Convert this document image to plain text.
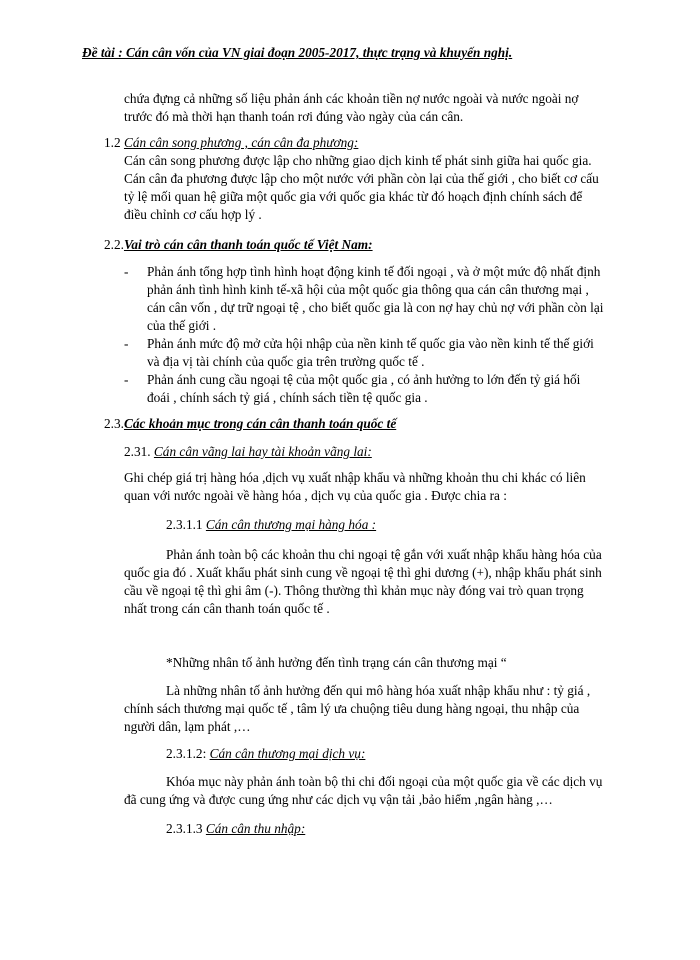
Đề tài : Cán cân vốn của VN giai đoạn 2005-2017, thực trạng và khuyến nghị.

chứa đựng cả những số liệu phản ánh các khoản tiền nợ nước ngoài và nước ngoài nợ

trước đó mà thời hạn thanh toán rơi đúng vào ngày của cán cân.

1.2 Cán cân song phương , cán cân đa phương:

Cán cân song phương được lập cho những giao dịch kinh tế phát sinh giữa hai quốc gia.

Cán cân đa phương được lập cho một nước với phần còn lại của thế giới , cho biết cơ cấu

tỷ lệ mối quan hệ giữa một quốc gia với quốc gia khác từ đó hoạch định chính sách để

điều chỉnh cơ cấu hợp lý .

2.2.Vai trò cán cân thanh toán quốc tế Việt Nam:
- Phản ánh tổng hợp tình hình hoạt động kinh tế đối ngoại , và ở một mức độ nhất định

phản ánh tình hình kinh tế-xã hội của một quốc gia thông qua cán cân thương mại ,

cán cân vốn , dự trữ ngoại tệ , cho biết quốc gia là con nợ hay chủ nợ với phần còn lại

của thế giới .

- Phản ánh mức độ mở cửa hội nhập của nền kinh tế quốc gia vào nền kinh tế thế giới

và địa vị tài chính của quốc gia trên trường quốc tế .

- Phản ánh cung cầu ngoại tệ của một quốc gia , có ảnh hưởng to lớn đến tỷ giá hối

đoái , chính sách tỷ giá , chính sách tiền tệ quốc gia .

2.3.Các khoản mục trong cán cân thanh toán quốc tế
2.31. Cán cân vãng lai hay tài khoản vãng lai:

Ghi chép giá trị hàng hóa ,dịch vụ xuất nhập khẩu và những khoản thu chi khác có liên

quan với nước ngoài về hàng hóa , dịch vụ của quốc gia . Được chia ra :

2.3.1.1 Cán cân thương mại hàng hóa :

Phản ánh toàn bộ các khoản thu chi ngoại tệ gắn với xuất nhập khẩu hàng hóa của

quốc gia đó . Xuất khẩu phát sinh cung về ngoại tệ thì ghi dương (+), nhập khẩu phát sinh

cầu về ngoại tệ thì ghi âm (-). Thông thường thì khản mục này đóng vai trò quan trọng

nhất trong cán cân thanh toán quốc tế .

*Những nhân tố ảnh hưởng đến tình trạng cán cân thương mại “

Là những nhân tố ảnh hưởng đến qui mô hàng hóa xuất nhập khẩu như : tỷ giá ,

chính sách thương mại quốc tế , tâm lý ưa chuộng tiêu dung hàng ngoại, thu nhập của

người dân, lạm phát ,…

2.3.1.2: Cán cân thương mại dịch vụ:

Khóa mục này phản ánh toàn bộ thi chi đối ngoại của một quốc gia về các dịch vụ

đã cung ứng và được cung ứng như các dịch vụ vận tải ,bảo hiểm ,ngân hàng ,…

2.3.1.3 Cán cân thu nhập:
